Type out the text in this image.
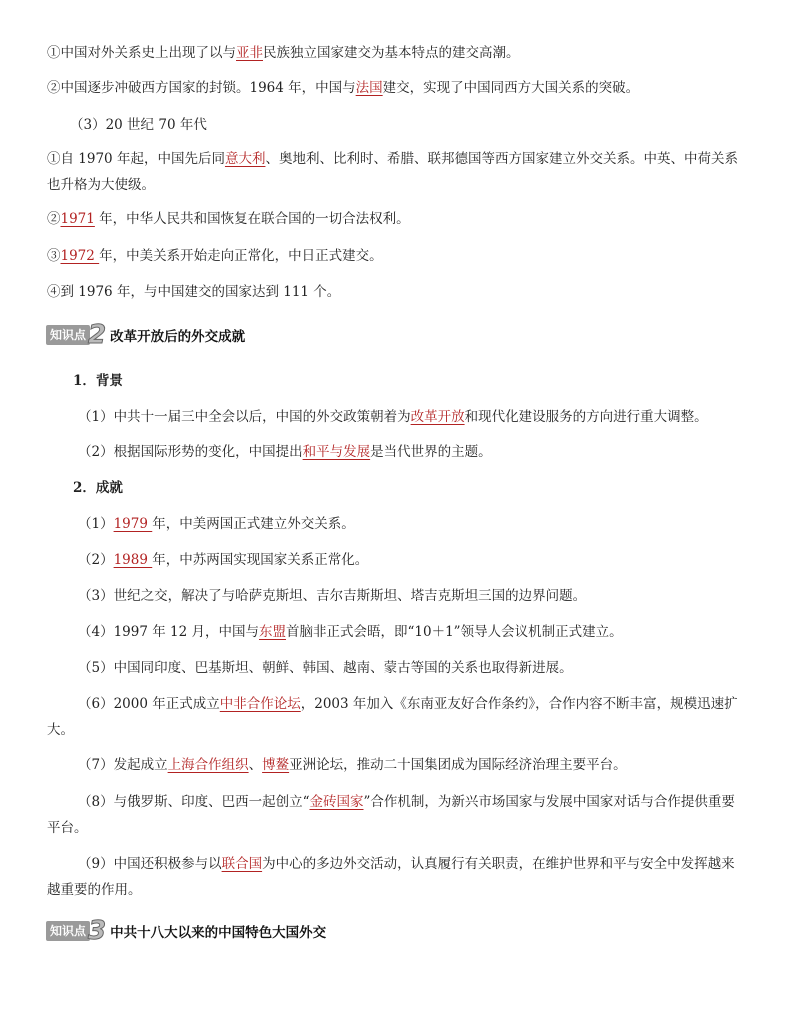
①中国对外关系史上出现了以与亚非民族独立国家建交为基本特点的建交高潮。
②中国逐步冲破西方国家的封锁。1964 年，中国与法国建交，实现了中国同西方大国关系的突破。
（3）20 世纪 70 年代
①自 1970 年起，中国先后同意大利、奥地利、比利时、希腊、联邦德国等西方国家建立外交关系。中英、中荷关系也升格为大使级。
②1971 年，中华人民共和国恢复在联合国的一切合法权利。
③1972 年，中美关系开始走向正常化，中日正式建交。
④到 1976 年，与中国建交的国家达到 111 个。
知识点 2 改革开放后的外交成就
1．背景
（1）中共十一届三中全会以后，中国的外交政策朝着为改革开放和现代化建设服务的方向进行重大调整。
（2）根据国际形势的变化，中国提出和平与发展是当代世界的主题。
2．成就
（1）1979 年，中美两国正式建立外交关系。
（2）1989 年，中苏两国实现国家关系正常化。
（3）世纪之交，解决了与哈萨克斯坦、吉尔吉斯斯坦、塔吉克斯坦三国的边界问题。
（4）1997 年 12 月，中国与东盟首脑非正式会晤，即“10＋1”领导人会议机制正式建立。
（5）中国同印度、巴基斯坦、朝鲜、韩国、越南、蒙古等国的关系也取得新进展。
（6）2000 年正式成立中非合作论坛，2003 年加入《东南亚友好合作条约》，合作内容不断丰富，规模迅速扩大。
（7）发起成立上海合作组织、博鳌亚洲论坛，推动二十国集团成为国际经济治理主要平台。
（8）与俄罗斯、印度、巴西一起创立“金砖国家”合作机制，为新兴市场国家与发展中国家对话与合作提供重要平台。
（9）中国还积极参与以联合国为中心的多边外交活动，认真履行有关职责，在维护世界和平与安全中发挥越来越重要的作用。
知识点 3 中共十八大以来的中国特色大国外交
